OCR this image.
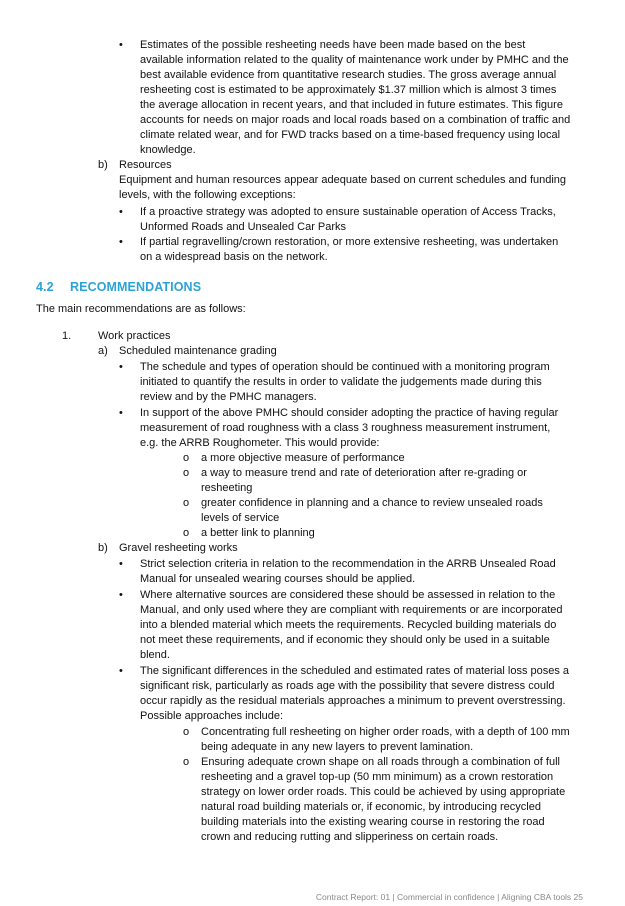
• Estimates of the possible resheeting needs have been made based on the best
available information related to the quality of maintenance work under by PMHC and the
best available evidence from quantitative research studies. The gross average annual
resheeting cost is estimated to be approximately $1.37 million which is almost 3 times
the average allocation in recent years, and that included in future estimates. This figure
accounts for needs on major roads and local roads based on a combination of traffic and
climate related wear, and for FWD tracks based on a time-based frequency using local
knowledge.
b) Resources
Equipment and human resources appear adequate based on current schedules and funding
levels, with the following exceptions:
• If a proactive strategy was adopted to ensure sustainable operation of Access Tracks,
Unformed Roads and Unsealed Car Parks
• If partial regravelling/crown restoration, or more extensive resheeting, was undertaken
on a widespread basis on the network.
4.2 RECOMMENDATIONS
The main recommendations are as follows:
1. Work practices
a) Scheduled maintenance grading
• The schedule and types of operation should be continued with a monitoring program
initiated to quantify the results in order to validate the judgements made during this
review and by the PMHC managers.
• In support of the above PMHC should consider adopting the practice of having regular
measurement of road roughness with a class 3 roughness measurement instrument,
e.g. the ARRB Roughometer. This would provide:
o a more objective measure of performance
o a way to measure trend and rate of deterioration after re-grading or
resheeting
o greater confidence in planning and a chance to review unsealed roads
levels of service
o a better link to planning
b) Gravel resheeting works
• Strict selection criteria in relation to the recommendation in the ARRB Unsealed Road
Manual for unsealed wearing courses should be applied.
• Where alternative sources are considered these should be assessed in relation to the
Manual, and only used where they are compliant with requirements or are incorporated
into a blended material which meets the requirements. Recycled building materials do
not meet these requirements, and if economic they should only be used in a suitable
blend.
• The significant differences in the scheduled and estimated rates of material loss poses a
significant risk, particularly as roads age with the possibility that severe distress could
occur rapidly as the residual materials approaches a minimum to prevent overstressing.
Possible approaches include:
o Concentrating full resheeting on higher order roads, with a depth of 100 mm
being adequate in any new layers to prevent lamination.
o Ensuring adequate crown shape on all roads through a combination of full
resheeting and a gravel top-up (50 mm minimum) as a crown restoration
strategy on lower order roads. This could be achieved by using appropriate
natural road building materials or, if economic, by introducing recycled
building materials into the existing wearing course in restoring the road
crown and reducing rutting and slipperiness on certain roads.
Contract Report: 01 | Commercial in confidence | Aligning CBA tools 25
